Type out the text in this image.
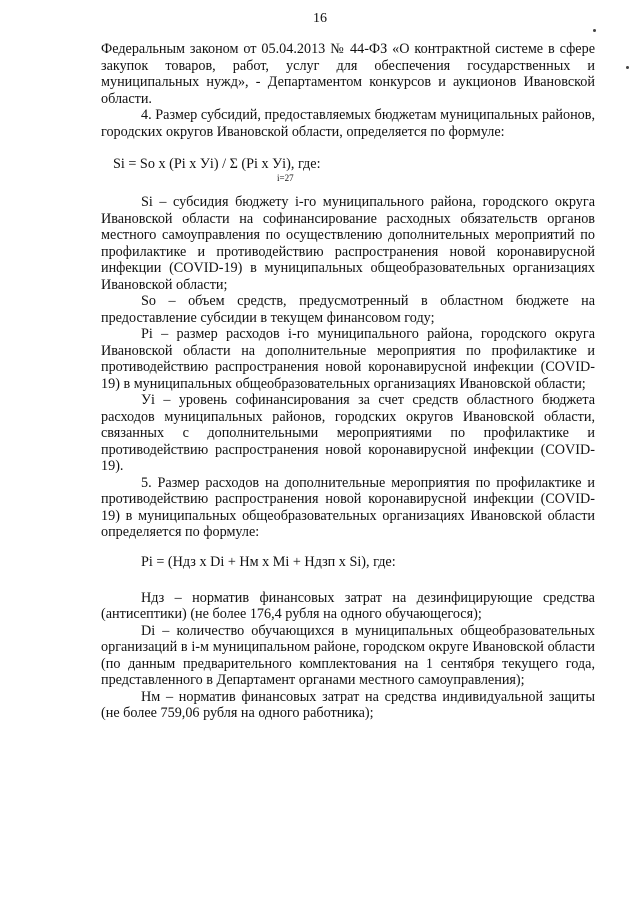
16

Федеральным законом от 05.04.2013 № 44-ФЗ «О контрактной системе в сфере закупок товаров, работ, услуг для обеспечения государственных и муниципальных нужд», - Департаментом конкурсов и аукционов Ивановской области.

4. Размер субсидий, предоставляемых бюджетам муниципальных районов, городских округов Ивановской области, определяется по формуле:

Si = So x (Pi x Уi) / Σ (Pi x Уi), где:
i=27

Si – субсидия бюджету i-го муниципального района, городского округа Ивановской области на софинансирование расходных обязательств органов местного самоуправления по осуществлению дополнительных мероприятий по профилактике и противодействию распространения новой коронавирусной инфекции (COVID-19) в муниципальных общеобразовательных организациях Ивановской области;

So – объем средств, предусмотренный в областном бюджете на предоставление субсидии в текущем финансовом году;

Pi – размер расходов i-го муниципального района, городского округа Ивановской области на дополнительные мероприятия по профилактике и противодействию распространения новой коронавирусной инфекции (COVID-19) в муниципальных общеобразовательных организациях Ивановской области;

Уi – уровень софинансирования за счет средств областного бюджета расходов муниципальных районов, городских округов Ивановской области, связанных с дополнительными мероприятиями по профилактике и противодействию распространения новой коронавирусной инфекции (COVID-19).

5. Размер расходов на дополнительные мероприятия по профилактике и противодействию распространения новой коронавирусной инфекции (COVID-19) в муниципальных общеобразовательных организациях Ивановской области определяется по формуле:

Pi = (Ндз x Di + Нм x Mi + Ндзп x Si), где:

Ндз – норматив финансовых затрат на дезинфицирующие средства (антисептики) (не более 176,4 рубля на одного обучающегося);

Di – количество обучающихся в муниципальных общеобразовательных организаций в i-м муниципальном районе, городском округе Ивановской области (по данным предварительного комплектования на 1 сентября текущего года, представленного в Департамент органами местного самоуправления);

Нм – норматив финансовых затрат на средства индивидуальной защиты (не более 759,06 рубля на одного работника);
